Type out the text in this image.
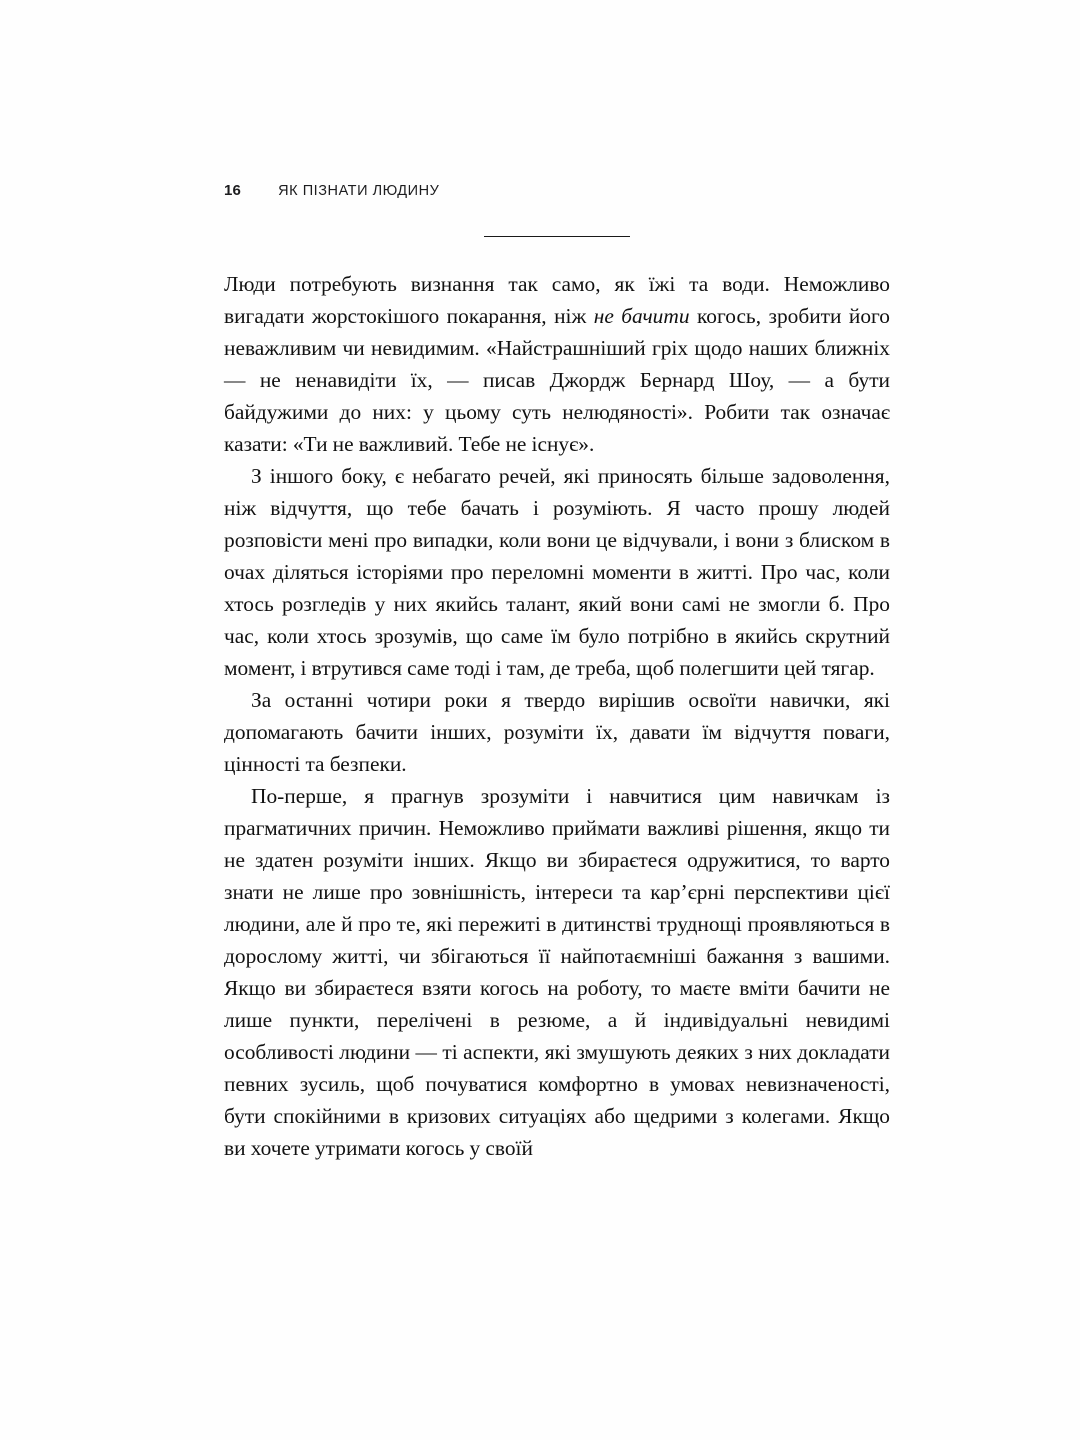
16	ЯК ПІЗНАТИ ЛЮДИНУ

Люди потребують визнання так само, як їжі та води. Неможливо вигадати жорстокішого покарання, ніж не бачити когось, зробити його неважливим чи невидимим. «Найстрашніший гріх щодо наших ближніх — не ненавидіти їх, — писав Джордж Бернард Шоу, — а бути байдужими до них: у цьому суть нелюдяності». Робити так означає казати: «Ти не важливий. Тебе не існує».

З іншого боку, є небагато речей, які приносять більше задоволення, ніж відчуття, що тебе бачать і розуміють. Я часто прошу людей розповісти мені про випадки, коли вони це відчували, і вони з блиском в очах діляться історіями про переломні моменти в житті. Про час, коли хтось розгледів у них якийсь талант, який вони самі не змогли б. Про час, коли хтось зрозумів, що саме їм було потрібно в якийсь скрутний момент, і втрутився саме тоді і там, де треба, щоб полегшити цей тягар.

За останні чотири роки я твердо вирішив освоїти навички, які допомагають бачити інших, розуміти їх, давати їм відчуття поваги, цінності та безпеки.

По-перше, я прагнув зрозуміти і навчитися цим навичкам із прагматичних причин. Неможливо приймати важливі рішення, якщо ти не здатен розуміти інших. Якщо ви збираєтеся одружитися, то варто знати не лише про зовнішність, інтереси та кар’єрні перспективи цієї людини, але й про те, які пережиті в дитинстві труднощі проявляються в дорослому житті, чи збігаються її найпотаємніші бажання з вашими. Якщо ви збираєтеся взяти когось на роботу, то маєте вміти бачити не лише пункти, перелічені в резюме, а й індивідуальні невидимі особливості людини — ті аспекти, які змушують деяких з них докладати певних зусиль, щоб почуватися комфортно в умовах невизначеності, бути спокійними в кризових ситуаціях або щедрими з колегами. Якщо ви хочете утримати когось у своїй
